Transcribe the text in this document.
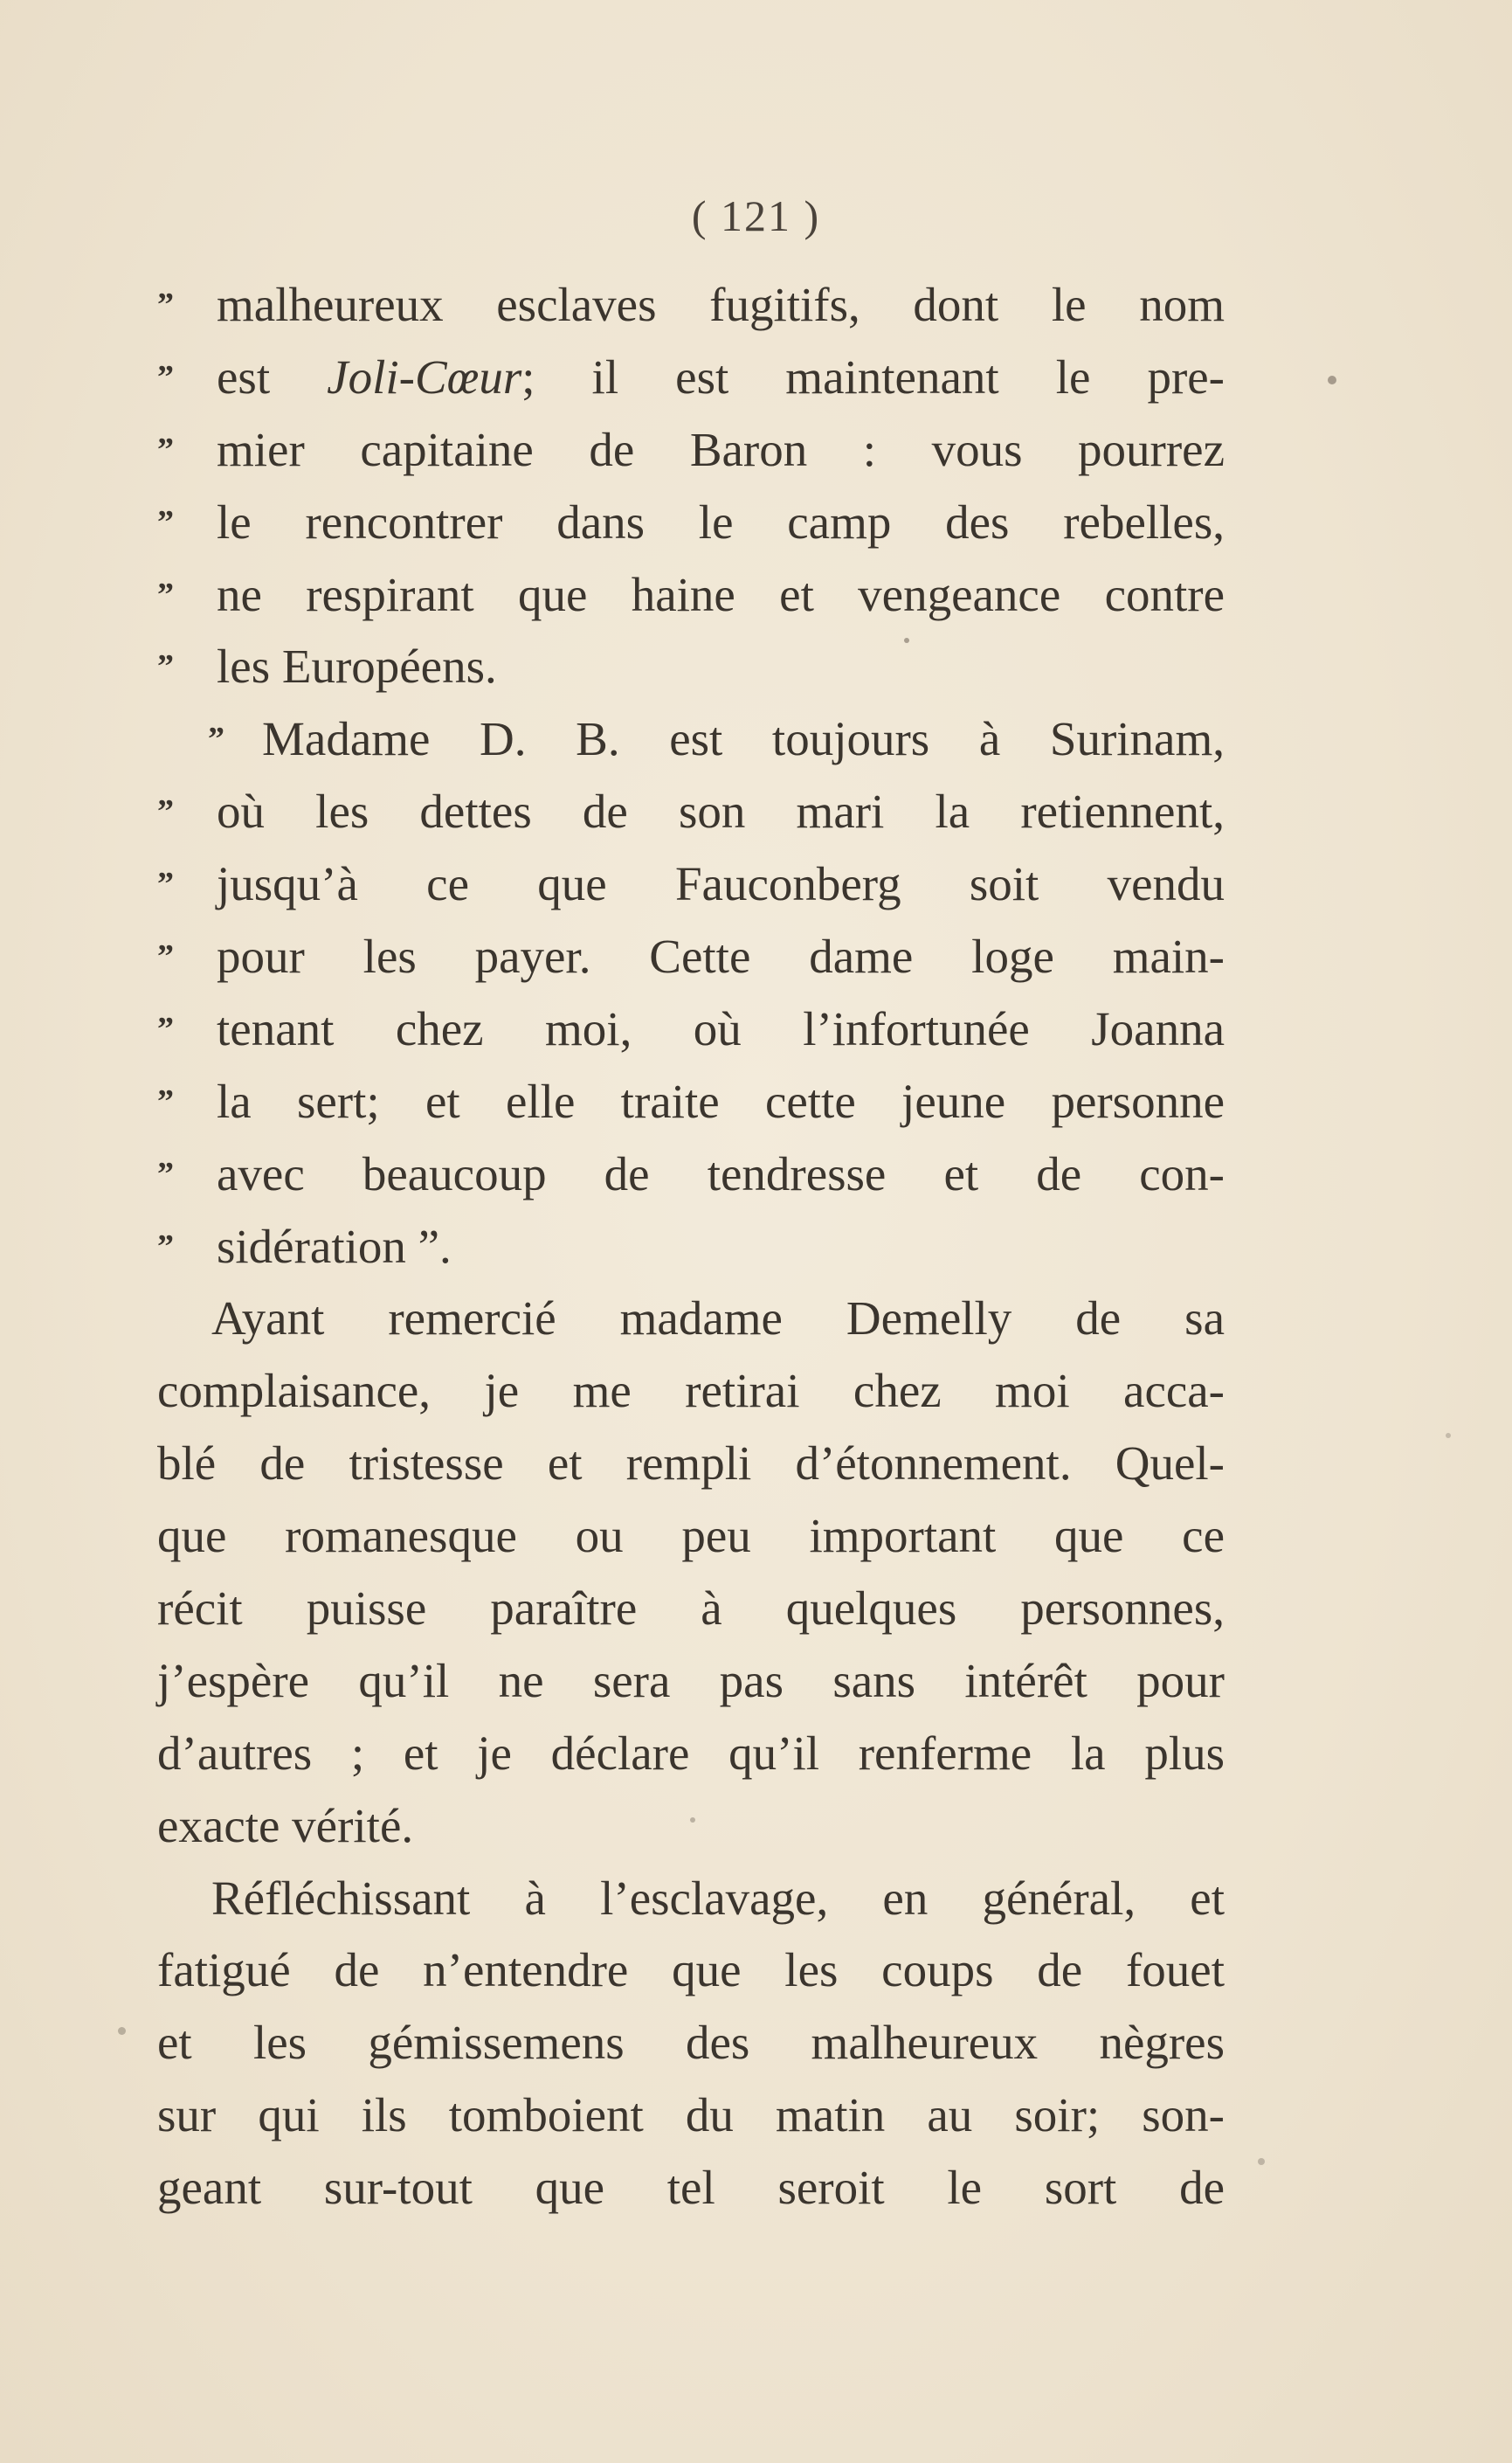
( 121 )
” malheureux esclaves fugitifs, dont le nom
” est Joli-Cœur; il est maintenant le pre-
” mier capitaine de Baron : vous pourrez
” le rencontrer dans le camp des rebelles,
” ne respirant que haine et vengeance contre
” les Européens.
” Madame D. B. est toujours à Surinam,
” où les dettes de son mari la retiennent,
” jusqu’à ce que Fauconberg soit vendu
” pour les payer. Cette dame loge main-
” tenant chez moi, où l’infortunée Joanna
” la sert; et elle traite cette jeune personne
” avec beaucoup de tendresse et de con-
” sidération ”.
Ayant remercié madame Demelly de sa
complaisance, je me retirai chez moi acca-
blé de tristesse et rempli d’étonnement. Quel-
que romanesque ou peu important que ce
récit puisse paraître à quelques personnes,
j’espère qu’il ne sera pas sans intérêt pour
d’autres ; et je déclare qu’il renferme la plus
exacte vérité.
Réfléchissant à l’esclavage, en général, et
fatigué de n’entendre que les coups de fouet
et les gémissemens des malheureux nègres
sur qui ils tomboient du matin au soir; son-
geant sur-tout que tel seroit le sort de
